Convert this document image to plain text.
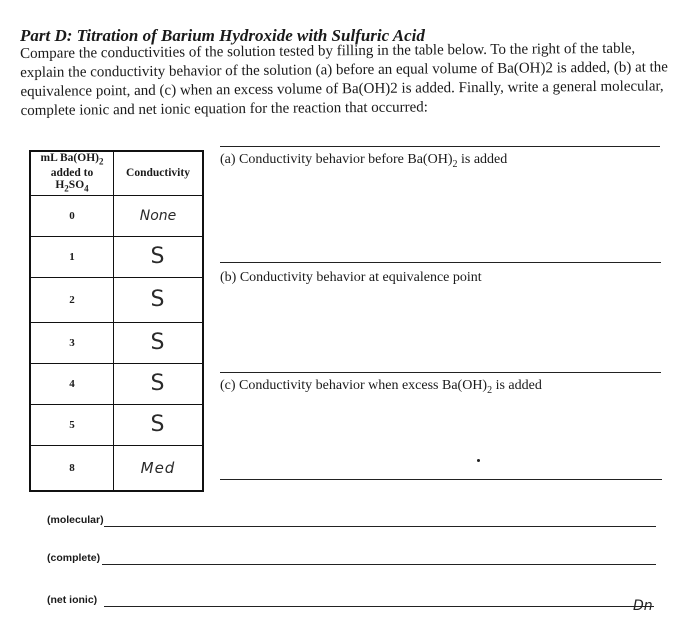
Part D: Titration of Barium Hydroxide with Sulfuric Acid
Compare the conductivities of the solution tested by filling in the table below. To the right of the table, explain the conductivity behavior of the solution (a) before an equal volume of Ba(OH)2 is added, (b) at the equivalence point, and (c) when an excess volume of Ba(OH)2 is added. Finally, write a general molecular, complete ionic and net ionic equation for the reaction that occurred:
mL $Ba(OH)_2$
added to
$H_2SO_4$	Conductivity
0	None
1	S
2	S
3	S
4	S
5	S
8	Med
(a) Conductivity behavior before $Ba(OH)_2$ is added
(b) Conductivity behavior at equivalence point
(c) Conductivity behavior when excess $Ba(OH)_2$ is added
(molecular)
(complete)
(net ionic)	Dn
